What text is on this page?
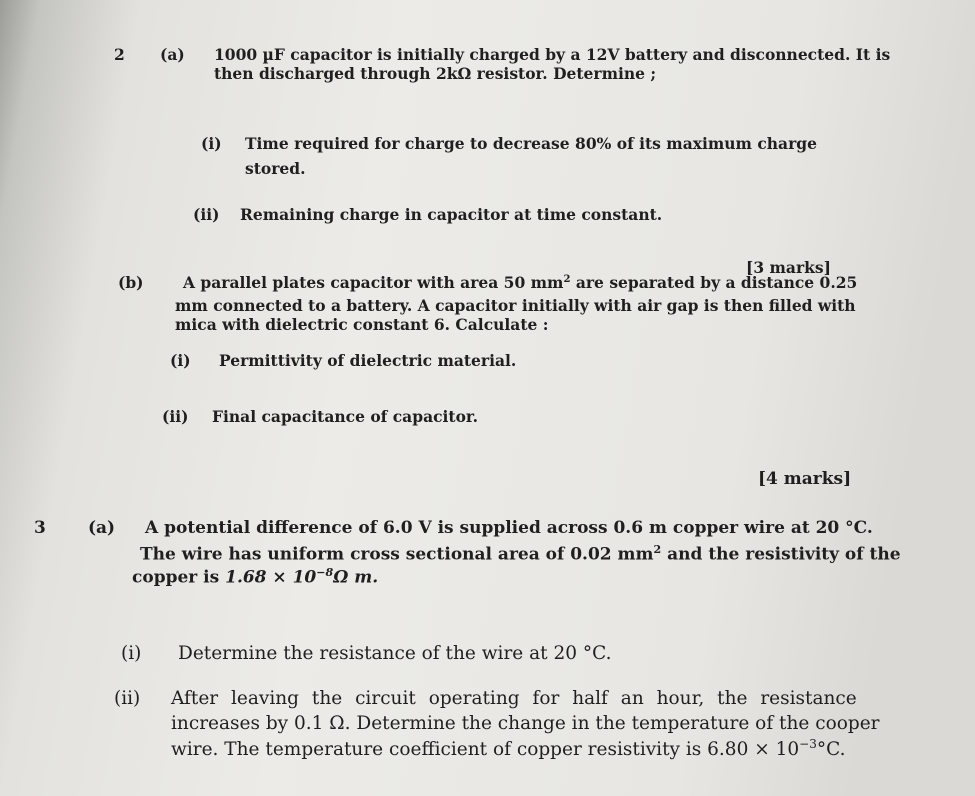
2 (a) 1000 µF capacitor is initially charged by a 12V battery and disconnected. It is
then discharged through 2kΩ resistor. Determine ;
(i) Time required for charge to decrease 80% of its maximum charge
stored.
(ii) Remaining charge in capacitor at time constant.
[3 marks]
(b)	A parallel plates capacitor with area 50 $mm^2$ are separated by a distance 0.25
mm connected to a battery. A capacitor initially with air gap is then filled with
mica with dielectric constant 6. Calculate :
(i) Permittivity of dielectric material.
(ii) Final capacitance of capacitor.
[4 marks]
3 (a) A potential difference of 6.0 V is supplied across 0.6 m copper wire at 20 °C.
The wire has uniform cross sectional area of 0.02 $mm^2$ and the resistivity of the
copper is $1.68 \times 10^{-8}\Omega$ m.
(i) Determine the resistance of the wire at 20 °C.
(ii) After leaving the circuit operating for half an hour, the resistance
increases by 0.1 Ω. Determine the change in the temperature of the cooper
wire. The temperature coefficient of copper resistivity is $6.80 \times 10^{-3}^\circ C$.
